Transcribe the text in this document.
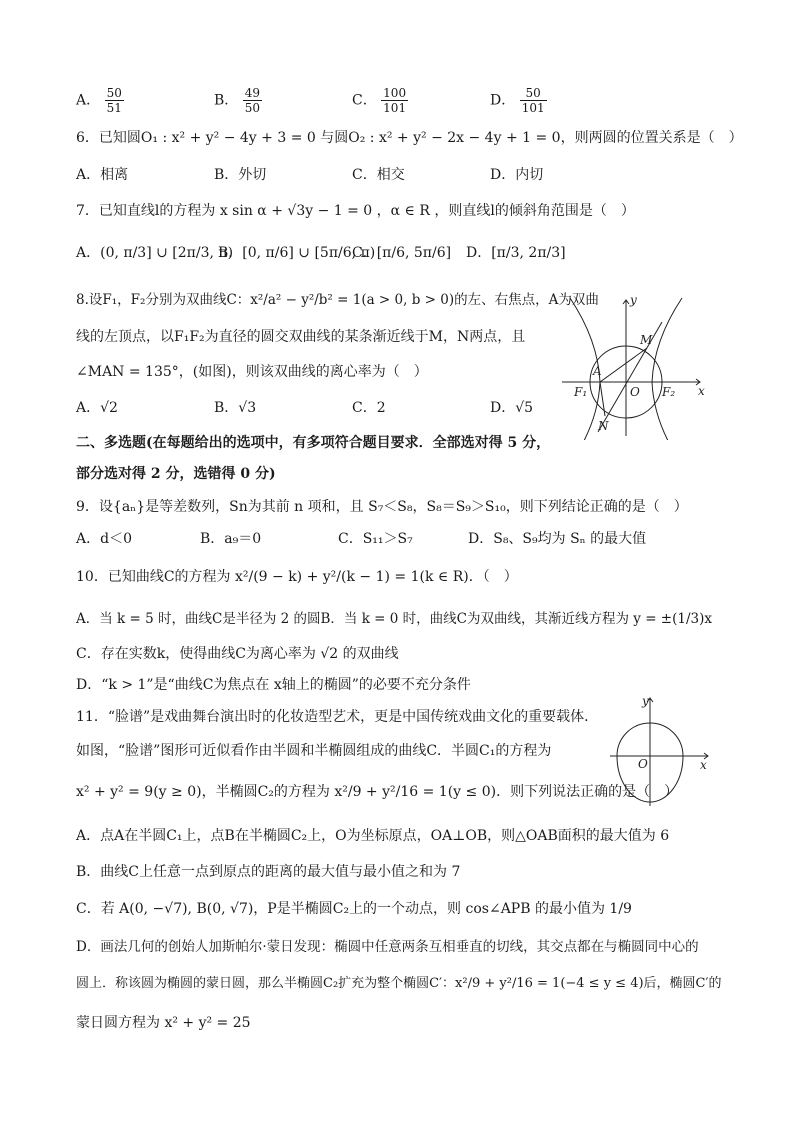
A． $\frac{50}{51}$	B． $\frac{49}{50}$	C． $\frac{100}{101}$	D． $\frac{50}{101}$
6．已知圆O₁ : x² + y² − 4y + 3 = 0 与圆O₂ : x² + y² − 2x − 4y + 1 = 0，则两圆的位置关系是（　）
A．相离	B．外切	C．相交	D．内切
7．已知直线l的方程为 x sin α + √3y − 1 = 0 ，α ∈ R ，则直线l的倾斜角范围是（　）
A．(0, π/3] ∪ [2π/3, π)
B．[0, π/6] ∪ [5π/6, π)
C．[π/6, 5π/6] D．[π/3, 2π/3]
8.设F₁，F₂分别为双曲线C：x²/a² − y²/b² = 1(a > 0, b > 0)的左、右焦点，A为双曲
线的左顶点，以F₁F₂为直径的圆交双曲线的某条渐近线于M，N两点，且
∠MAN = 135°，(如图)，则该双曲线的离心率为（　）
A．√2	B．√3	C．2	D．√5
y
x
O
A
M
N
F₁	F₂
二、多选题(在每题给出的选项中，有多项符合题目要求．全部选对得 5 分，
部分选对得 2 分，选错得 0 分)
9．设{aₙ}是等差数列，Sn为其前 n 项和，且 S₇＜S₈，S₈＝S₉＞S₁₀，则下列结论正确的是（　）
A．d＜0	B．a₉＝0	C．S₁₁＞S₇	D．S₈、S₉均为 Sₙ 的最大值
10．已知曲线C的方程为 x²/(9 − k) + y²/(k − 1) = 1(k ∈ R)．（　）
A．当 k = 5 时，曲线C是半径为 2 的圆B．当 k = 0 时，曲线C为双曲线，其渐近线方程为 y = ±(1/3)x
C．存在实数k，使得曲线C为离心率为 √2 的双曲线
D．“k > 1”是“曲线C为焦点在 x轴上的椭圆”的必要不充分条件
11．“脸谱”是戏曲舞台演出时的化妆造型艺术，更是中国传统戏曲文化的重要载体．
如图，“脸谱”图形可近似看作由半圆和半椭圆组成的曲线C．半圆C₁的方程为
x² + y² = 9(y ≥ 0)，半椭圆C₂的方程为 x²/9 + y²/16 = 1(y ≤ 0)．则下列说法正确的是（　）
y
x
O
A．点A在半圆C₁上，点B在半椭圆C₂上，O为坐标原点，OA⊥OB，则△OAB面积的最大值为 6
B．曲线C上任意一点到原点的距离的最大值与最小值之和为 7
C．若 A(0, −√7), B(0, √7)，P是半椭圆C₂上的一个动点，则 cos∠APB 的最小值为 1/9
D．画法几何的创始人加斯帕尔·蒙日发现：椭圆中任意两条互相垂直的切线，其交点都在与椭圆同中心的
圆上．称该圆为椭圆的蒙日圆，那么半椭圆C₂扩充为整个椭圆C′：x²/9 + y²/16 = 1(−4 ≤ y ≤ 4)后，椭圆C′的
蒙日圆方程为 x² + y² = 25
